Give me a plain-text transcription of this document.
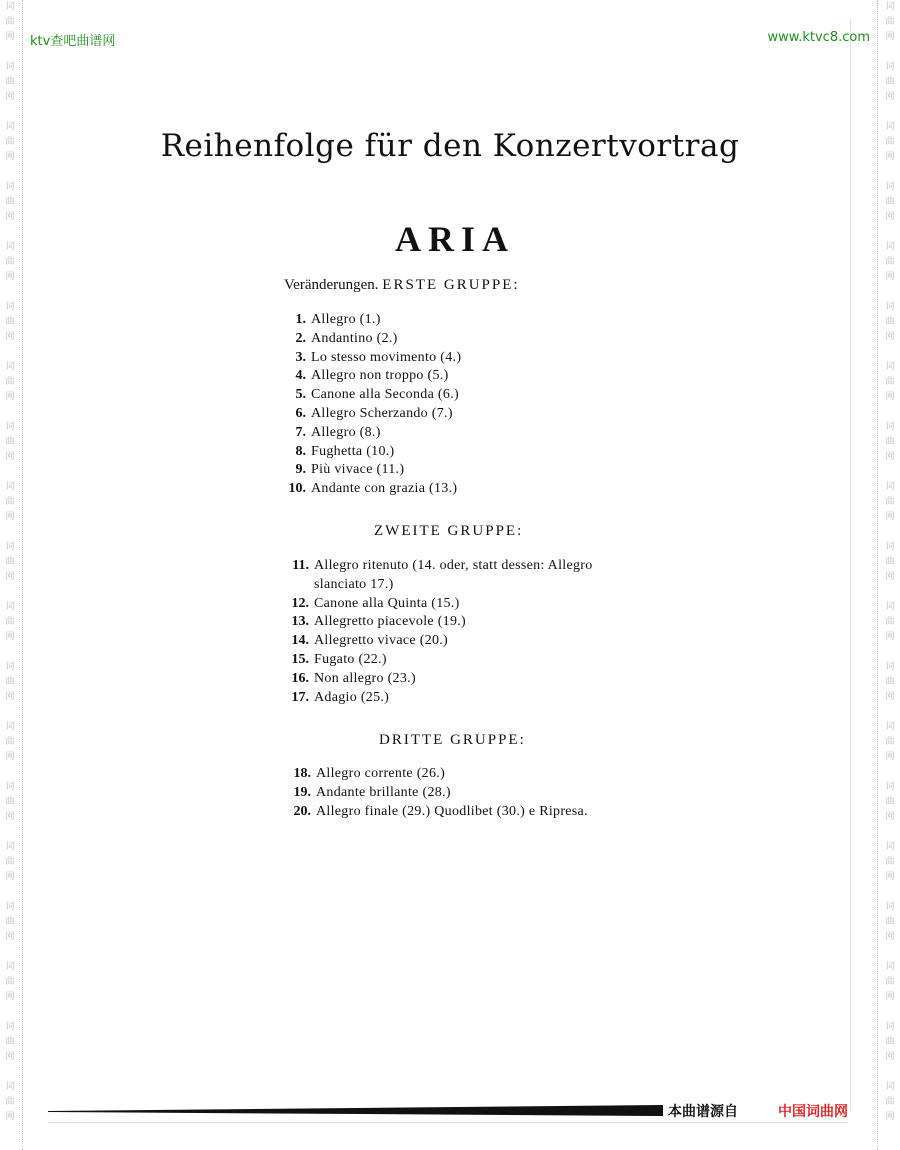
词
曲
网
词
曲
网
词
曲
网
词
曲
网
词
曲
网
词
曲
网
词
曲
网
词
曲
网
词
曲
网
词
曲
网
词
曲
网
词
曲
网
词
曲
网
词
曲
网
词
曲
网
词
曲
网
词
曲
网
词
曲
网
词
曲
网
词
曲
网
词
曲
网
词
曲
网
词
曲
网
词
曲
网
词
曲
网
词
曲
网
词
曲
网
词
曲
网
词
曲
网
词
曲
网
词
曲
网
词
曲
网
词
曲
网
词
曲
网
词
曲
网
词
曲
网
词
曲
网
词
曲
网
ktv查吧曲谱网	www.ktvc8.com
Reihenfolge für den Konzertvortrag
ARIA
Veränderungen. ERSTE GRUPPE:
1. Allegro (1.)
2. Andantino (2.)
3. Lo stesso movimento (4.)
4. Allegro non troppo (5.)
5. Canone alla Seconda (6.)
6. Allegro Scherzando (7.)
7. Allegro (8.)
8. Fughetta (10.)
9. Più vivace (11.)
10. Andante con grazia (13.)
ZWEITE GRUPPE:
11. Allegro ritenuto (14. oder, statt dessen: Allegro slanciato 17.)
12. Canone alla Quinta (15.)
13. Allegretto piacevole (19.)
14. Allegretto vivace (20.)
15. Fugato (22.)
16. Non allegro (23.)
17. Adagio (25.)
DRITTE GRUPPE:
18. Allegro corrente (26.)
19. Andante brillante (28.)
20. Allegro finale (29.) Quodlibet (30.) e Ripresa.
本曲谱源自	中国词曲网
